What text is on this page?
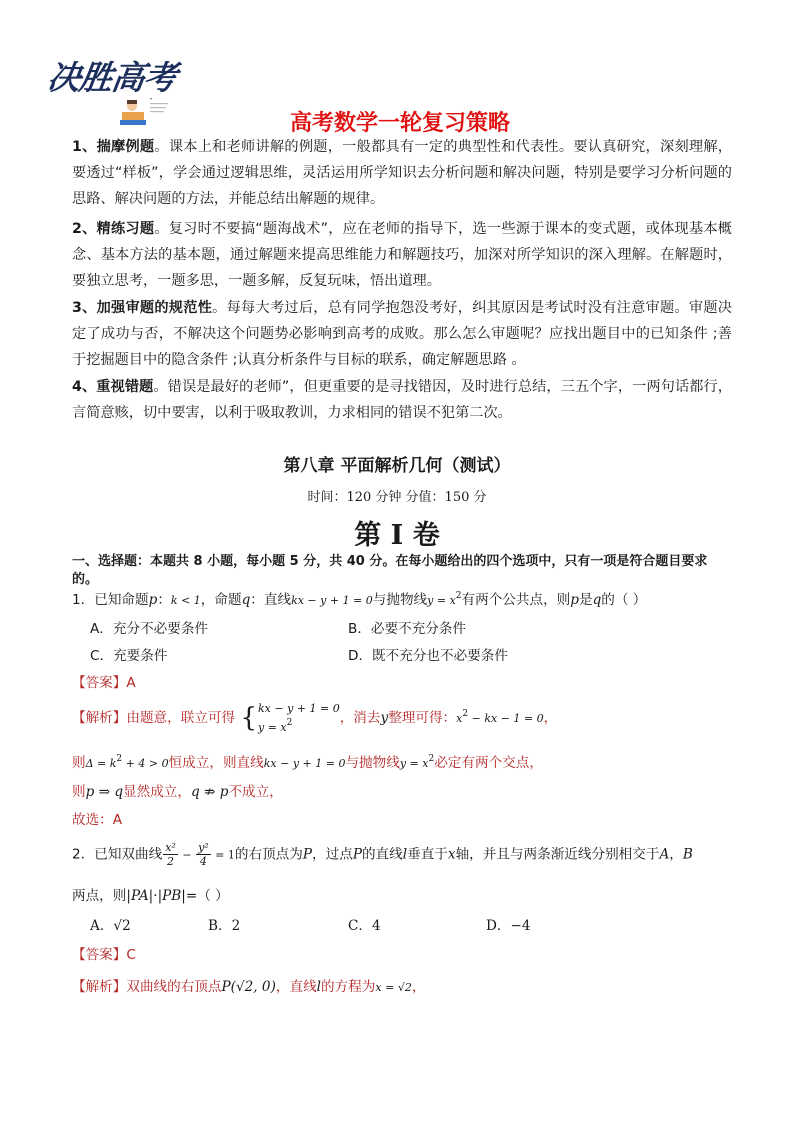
决胜高考
高考数学一轮复习策略
1、揣摩例题。课本上和老师讲解的例题，一般都具有一定的典型性和代表性。要认真研究，深刻理解，要透过“样板”，学会通过逻辑思维，灵活运用所学知识去分析问题和解决问题，特别是要学习分析问题的思路、解决问题的方法，并能总结出解题的规律。
2、精练习题。复习时不要搞“题海战术”，应在老师的指导下，选一些源于课本的变式题，或体现基本概念、基本方法的基本题，通过解题来提高思维能力和解题技巧，加深对所学知识的深入理解。在解题时，要独立思考，一题多思，一题多解，反复玩味，悟出道理。
3、加强审题的规范性。每每大考过后，总有同学抱怨没考好，纠其原因是考试时没有注意审题。审题决定了成功与否，不解决这个问题势必影响到高考的成败。那么怎么审题呢？应找出题目中的已知条件 ;善于挖掘题目中的隐含条件 ;认真分析条件与目标的联系，确定解题思路 。
4、重视错题。错误是最好的老师”，但更重要的是寻找错因，及时进行总结，三五个字，一两句话都行，言简意赅，切中要害，以利于吸取教训，力求相同的错误不犯第二次。
第八章 平面解析几何（测试）
时间：120 分钟 分值：150 分
第 I 卷
一、选择题：本题共 8 小题，每小题 5 分，共 40 分。在每小题给出的四个选项中，只有一项是符合题目要求的。
1．已知命题p：k < 1，命题q：直线kx − y + 1 = 0与抛物线$y = x^2$有两个公共点，则p是q的（ ）
A．充分不必要条件	B．必要不充分条件
C．充要条件	D．既不充分也不必要条件
【答案】A
【解析】由题意，联立可得 { kx − y + 1 = 0
$y = x^2$	，消去y整理可得：$x^2$ − kx − 1 = 0，
则$\Delta = k^2 + 4 > 0$恒成立，则直线kx − y + 1 = 0与抛物线$y = x^2$必定有两个交点，
则p ⇒ q显然成立，q ⇏ p不成立，
故选：A
2．已知双曲线 $\frac{\text{x²}}{2} - \frac{\text{y²}}{4} = 1$的右顶点为P，过点P的直线l垂直于x轴，并且与两条渐近线分别相交于A，B
两点，则|PA|·|PB|=（ ）
A．√2	B．2	C．4	D．−4
【答案】C
【解析】双曲线的右顶点P(√2, 0)，直线l的方程为x = √2，
